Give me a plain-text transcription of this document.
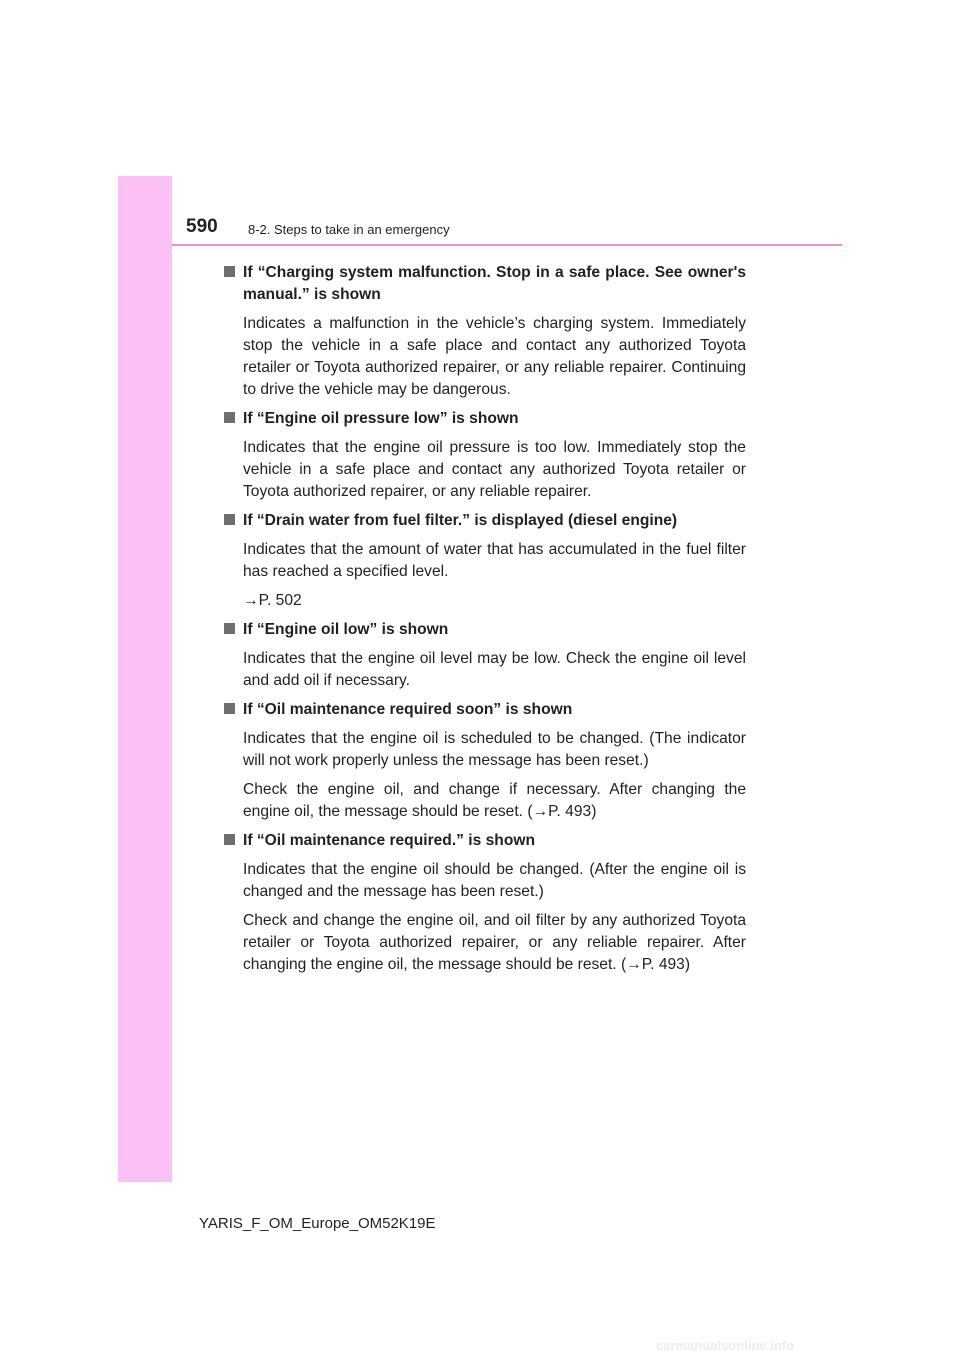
590 8-2. Steps to take in an emergency

If “Charging system malfunction. Stop in a safe place. See owner's manual.” is shown

Indicates a malfunction in the vehicle’s charging system. Immediately stop the vehicle in a safe place and contact any authorized Toyota retailer or Toyota authorized repairer, or any reliable repairer. Continuing to drive the vehicle may be dangerous.

If “Engine oil pressure low” is shown

Indicates that the engine oil pressure is too low. Immediately stop the vehicle in a safe place and contact any authorized Toyota retailer or Toyota authorized repairer, or any reliable repairer.

If “Drain water from fuel filter.” is displayed (diesel engine)

Indicates that the amount of water that has accumulated in the fuel filter has reached a specified level.

→P. 502

If “Engine oil low” is shown

Indicates that the engine oil level may be low. Check the engine oil level and add oil if necessary.

If “Oil maintenance required soon” is shown

Indicates that the engine oil is scheduled to be changed. (The indicator will not work properly unless the message has been reset.)

Check the engine oil, and change if necessary. After changing the engine oil, the message should be reset. (→P. 493)

If “Oil maintenance required.” is shown

Indicates that the engine oil should be changed. (After the engine oil is changed and the message has been reset.)

Check and change the engine oil, and oil filter by any authorized Toyota retailer or Toyota authorized repairer, or any reliable repairer. After changing the engine oil, the message should be reset. (→P. 493)

YARIS_F_OM_Europe_OM52K19E
carmanualsonline.info
